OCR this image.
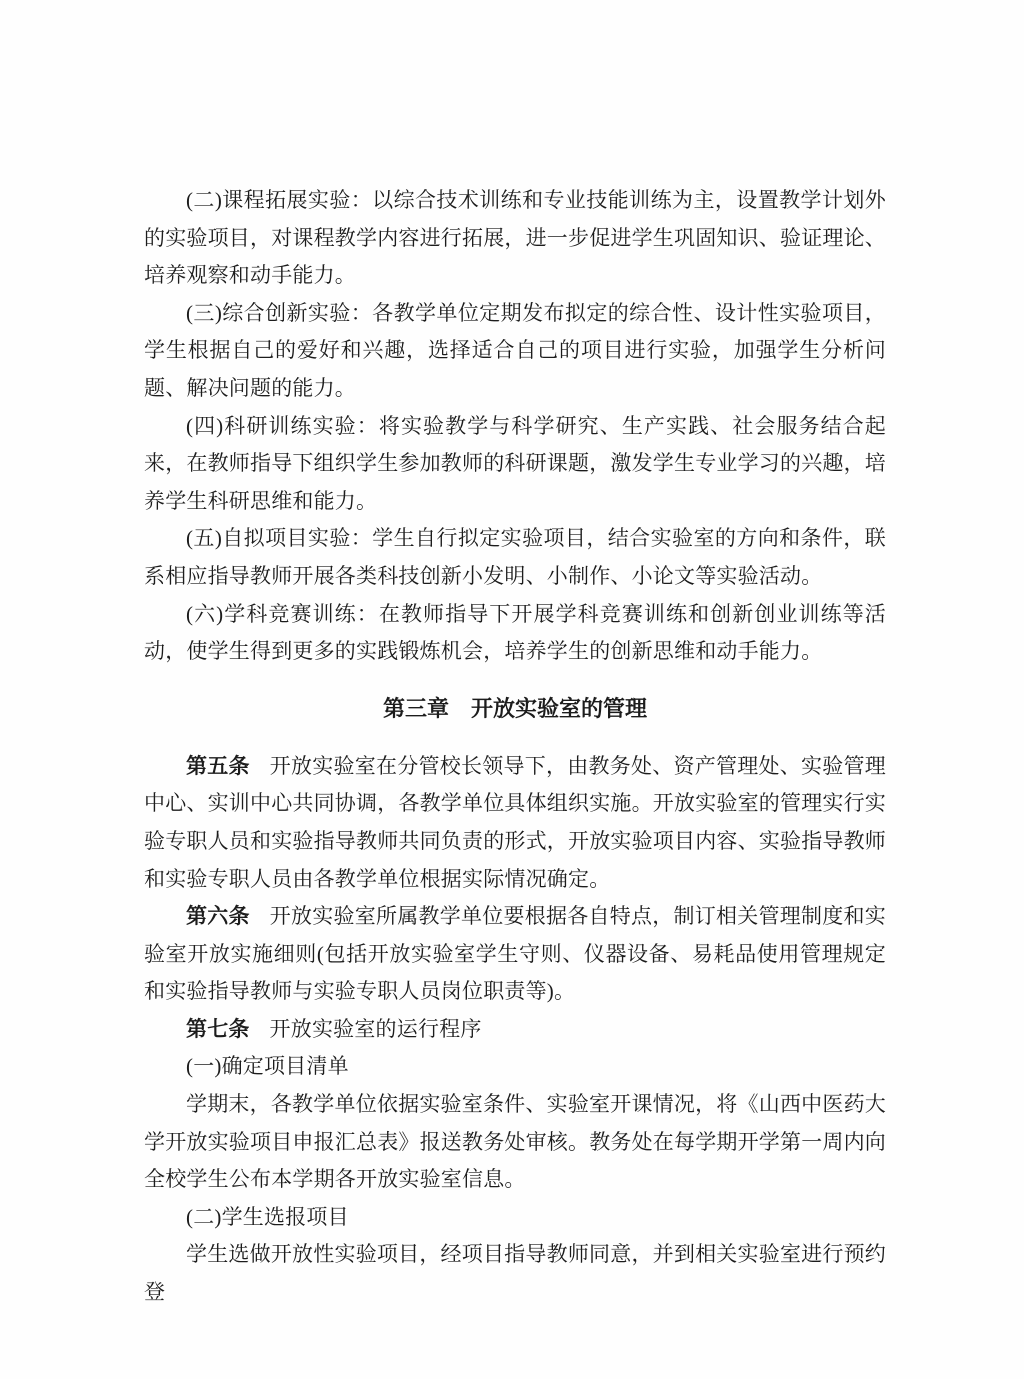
(二)课程拓展实验：以综合技术训练和专业技能训练为主，设置教学计划外的实验项目，对课程教学内容进行拓展，进一步促进学生巩固知识、验证理论、培养观察和动手能力。

(三)综合创新实验：各教学单位定期发布拟定的综合性、设计性实验项目，学生根据自己的爱好和兴趣，选择适合自己的项目进行实验，加强学生分析问题、解决问题的能力。

(四)科研训练实验：将实验教学与科学研究、生产实践、社会服务结合起来，在教师指导下组织学生参加教师的科研课题，激发学生专业学习的兴趣，培养学生科研思维和能力。

(五)自拟项目实验：学生自行拟定实验项目，结合实验室的方向和条件，联系相应指导教师开展各类科技创新小发明、小制作、小论文等实验活动。

(六)学科竞赛训练：在教师指导下开展学科竞赛训练和创新创业训练等活动，使学生得到更多的实践锻炼机会，培养学生的创新思维和动手能力。

第三章 开放实验室的管理

第五条 开放实验室在分管校长领导下，由教务处、资产管理处、实验管理中心、实训中心共同协调，各教学单位具体组织实施。开放实验室的管理实行实验专职人员和实验指导教师共同负责的形式，开放实验项目内容、实验指导教师和实验专职人员由各教学单位根据实际情况确定。

第六条 开放实验室所属教学单位要根据各自特点，制订相关管理制度和实验室开放实施细则(包括开放实验室学生守则、仪器设备、易耗品使用管理规定和实验指导教师与实验专职人员岗位职责等)。

第七条 开放实验室的运行程序

(一)确定项目清单

学期末，各教学单位依据实验室条件、实验室开课情况，将《山西中医药大学开放实验项目申报汇总表》报送教务处审核。教务处在每学期开学第一周内向全校学生公布本学期各开放实验室信息。

(二)学生选报项目

学生选做开放性实验项目，经项目指导教师同意，并到相关实验室进行预约登
